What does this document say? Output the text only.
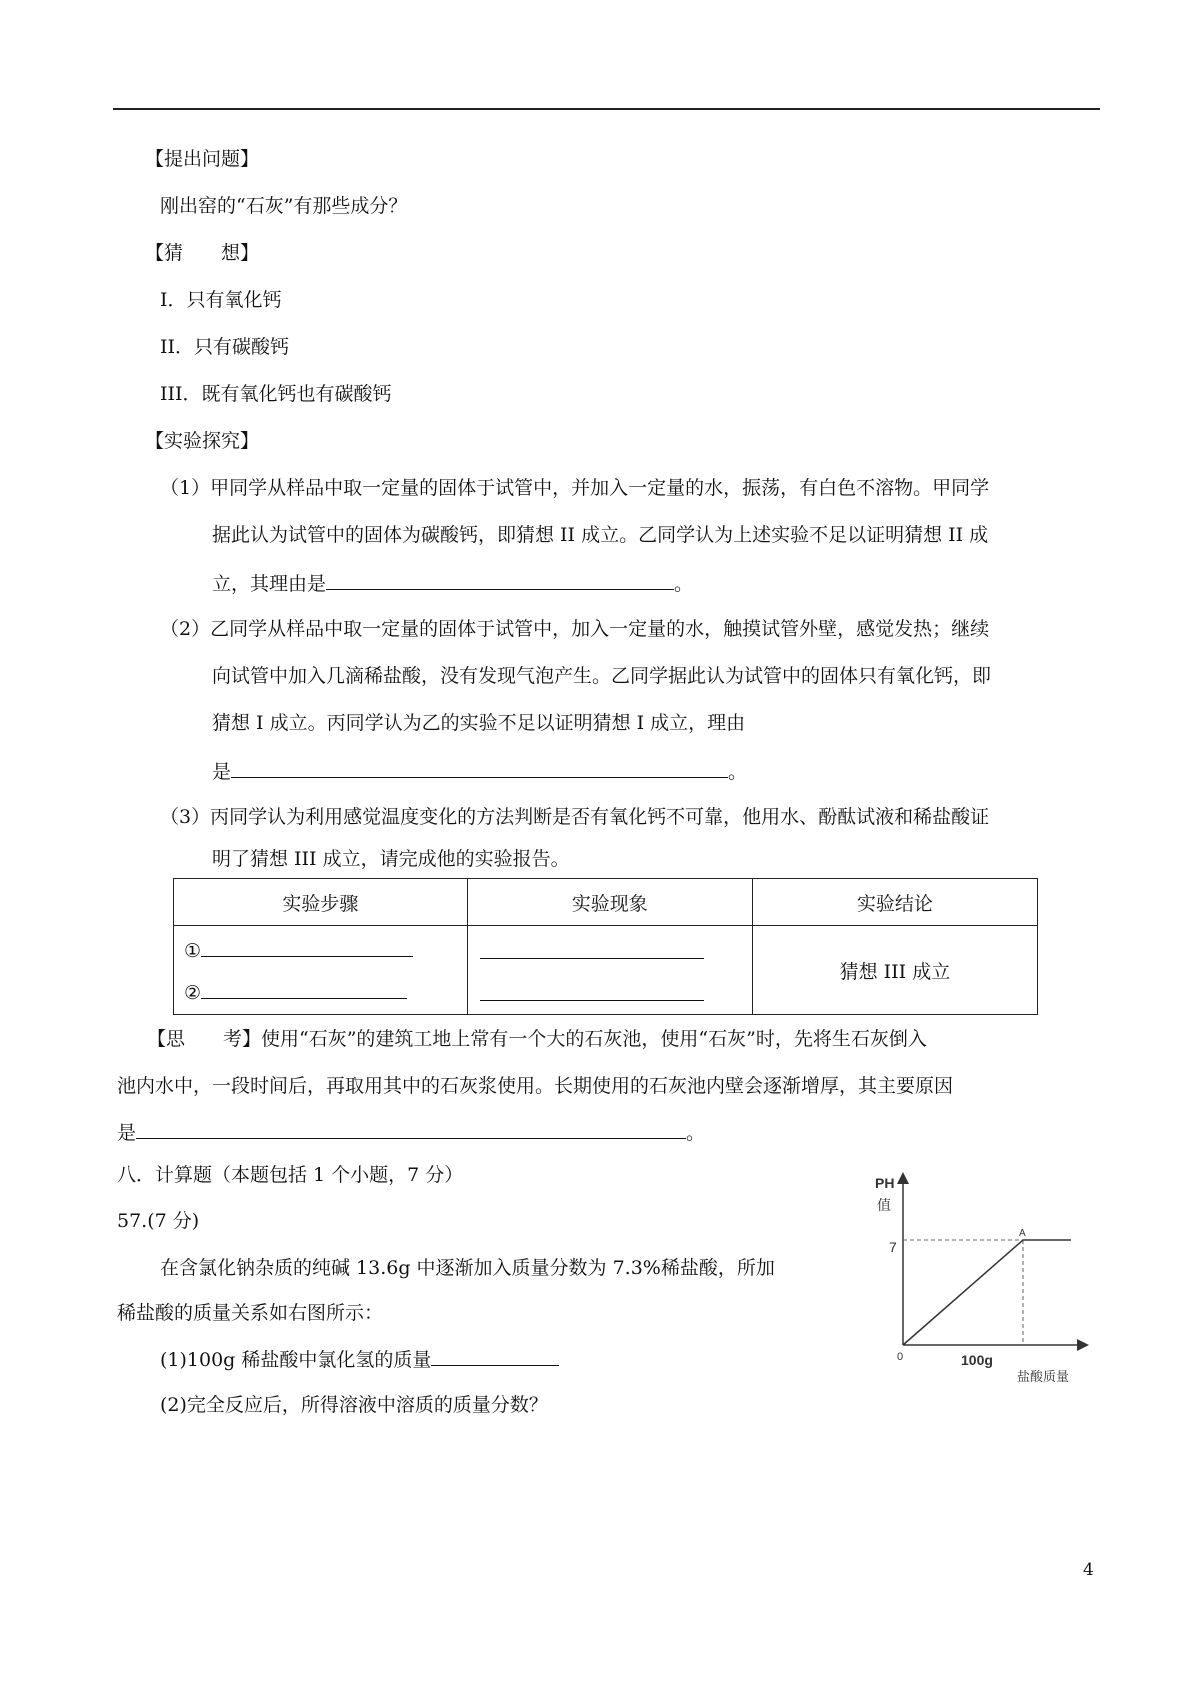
【提出问题】
刚出窑的“石灰”有那些成分？
【猜　　想】
I．只有氧化钙
II．只有碳酸钙
III．既有氧化钙也有碳酸钙
【实验探究】
（1）甲同学从样品中取一定量的固体于试管中，并加入一定量的水，振荡，有白色不溶物。甲同学
据此认为试管中的固体为碳酸钙，即猜想 II 成立。乙同学认为上述实验不足以证明猜想 II 成
立，其理由是	。
（2）乙同学从样品中取一定量的固体于试管中，加入一定量的水，触摸试管外壁，感觉发热；继续
向试管中加入几滴稀盐酸，没有发现气泡产生。乙同学据此认为试管中的固体只有氧化钙，即
猜想 I 成立。丙同学认为乙的实验不足以证明猜想 I 成立，理由
是	。
（3）丙同学认为利用感觉温度变化的方法判断是否有氧化钙不可靠，他用水、酚酞试液和稀盐酸证
明了猜想 III 成立，请完成他的实验报告。
实验步骤	实验现象	实验结论

①
②		猜想 III 成立
【思　　考】使用“石灰”的建筑工地上常有一个大的石灰池，使用“石灰”时，先将生石灰倒入
池内水中，一段时间后，再取用其中的石灰浆使用。长期使用的石灰池内壁会逐渐增厚，其主要原因
是	。
八．计算题（本题包括 1 个小题，7 分）
57.(7 分)
在含氯化钠杂质的纯碱 13.6g 中逐渐加入质量分数为 7.3%稀盐酸，所加
稀盐酸的质量关系如右图所示：
(1)100g 稀盐酸中氯化氢的质量
(2)完全反应后，所得溶液中溶质的质量分数？
PH
值
7
0	100g
盐酸质量
A
4
